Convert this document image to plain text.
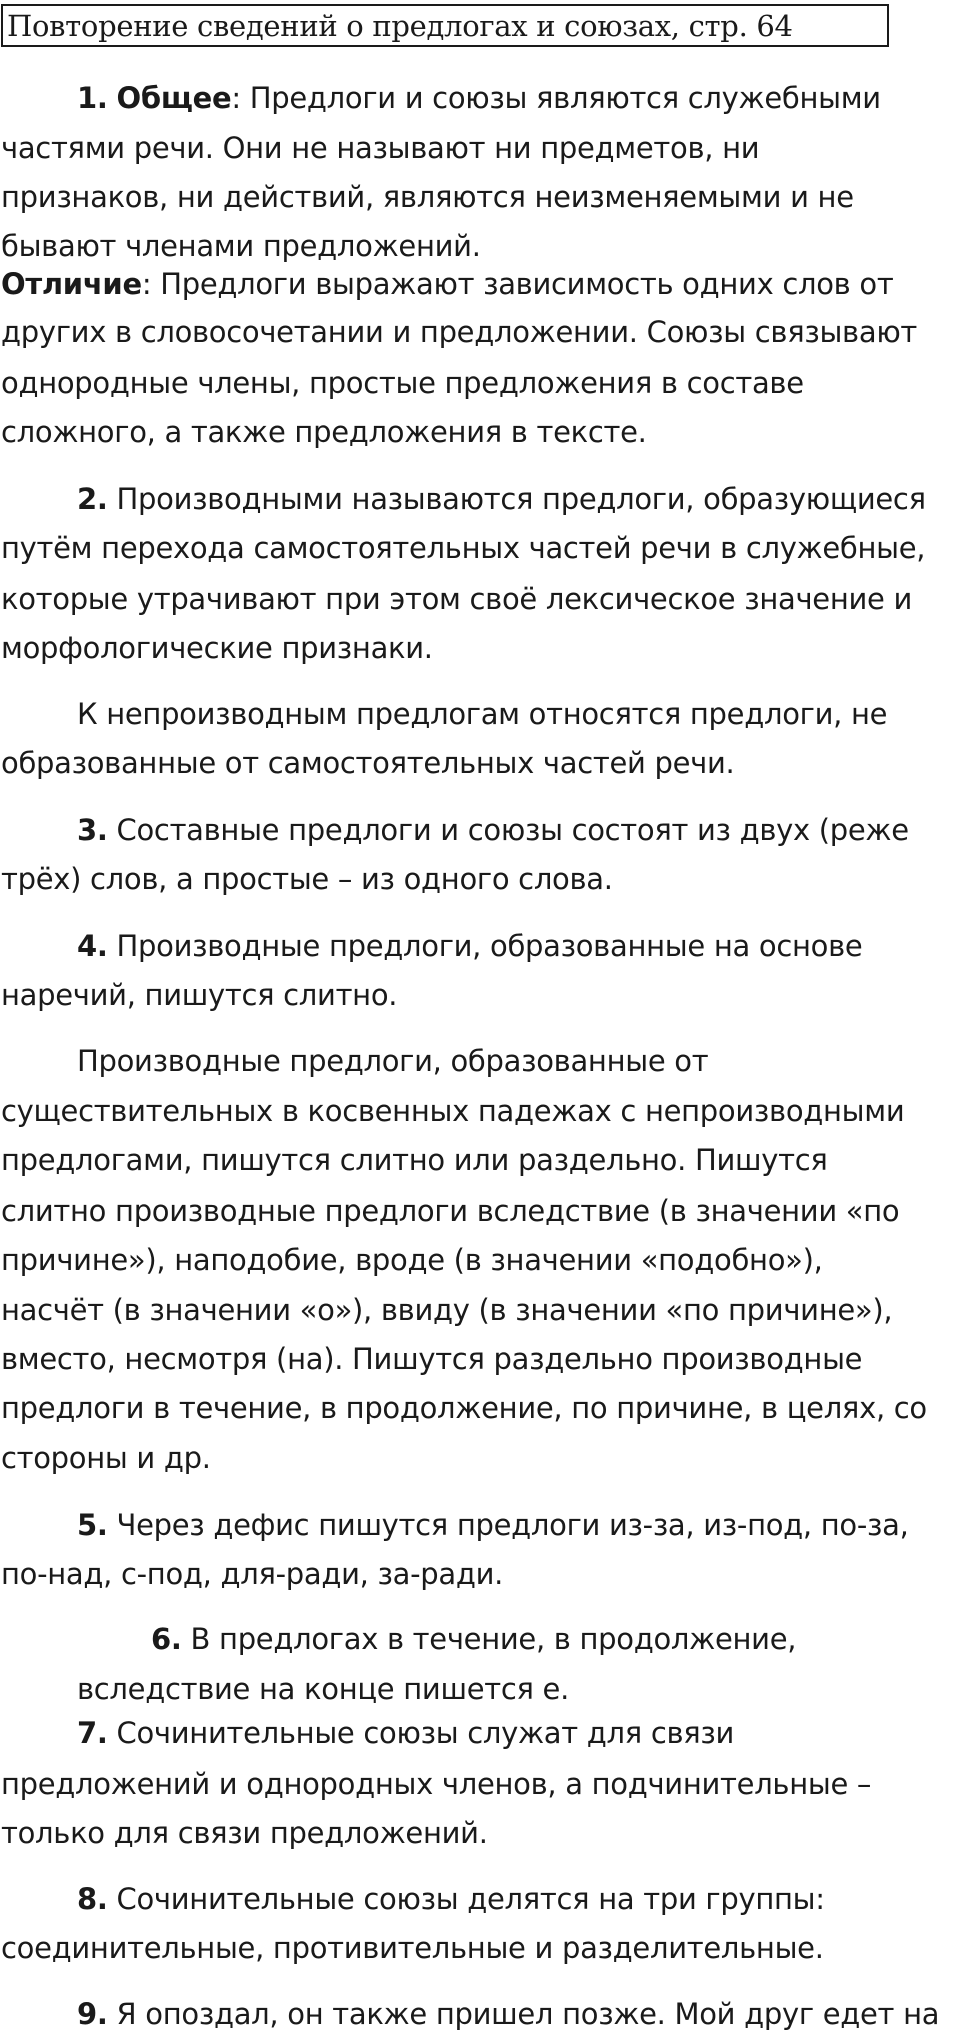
Повторение сведений о предлогах и союзах, стр. 64
1. Общее: Предлоги и союзы являются служебными
частями речи. Они не называют ни предметов, ни
признаков, ни действий, являются неизменяемыми и не
бывают членами предложений.
Отличие: Предлоги выражают зависимость одних слов от
других в словосочетании и предложении. Союзы связывают
однородные члены, простые предложения в составе
сложного, а также предложения в тексте.
2. Производными называются предлоги, образующиеся
путём перехода самостоятельных частей речи в служебные,
которые утрачивают при этом своё лексическое значение и
морфологические признаки.
К непроизводным предлогам относятся предлоги, не
образованные от самостоятельных частей речи.
3. Составные предлоги и союзы состоят из двух (реже
трёх) слов, а простые – из одного слова.
4. Производные предлоги, образованные на основе
наречий, пишутся слитно.
Производные предлоги, образованные от
существительных в косвенных падежах с непроизводными
предлогами, пишутся слитно или раздельно. Пишутся
слитно производные предлоги вследствие (в значении «по
причине»), наподобие, вроде (в значении «подобно»),
насчёт (в значении «о»), ввиду (в значении «по причине»),
вместо, несмотря (на). Пишутся раздельно производные
предлоги в течение, в продолжение, по причине, в целях, со
стороны и др.
5. Через дефис пишутся предлоги из-за, из-под, по-за,
по-над, с-под, для-ради, за-ради.
6. В предлогах в течение, в продолжение,
вследствие на конце пишется е.
7. Сочинительные союзы служат для связи
предложений и однородных членов, а подчинительные –
только для связи предложений.
8. Сочинительные союзы делятся на три группы:
соединительные, противительные и разделительные.
9. Я опоздал, он также пришел позже. Мой друг едет на
